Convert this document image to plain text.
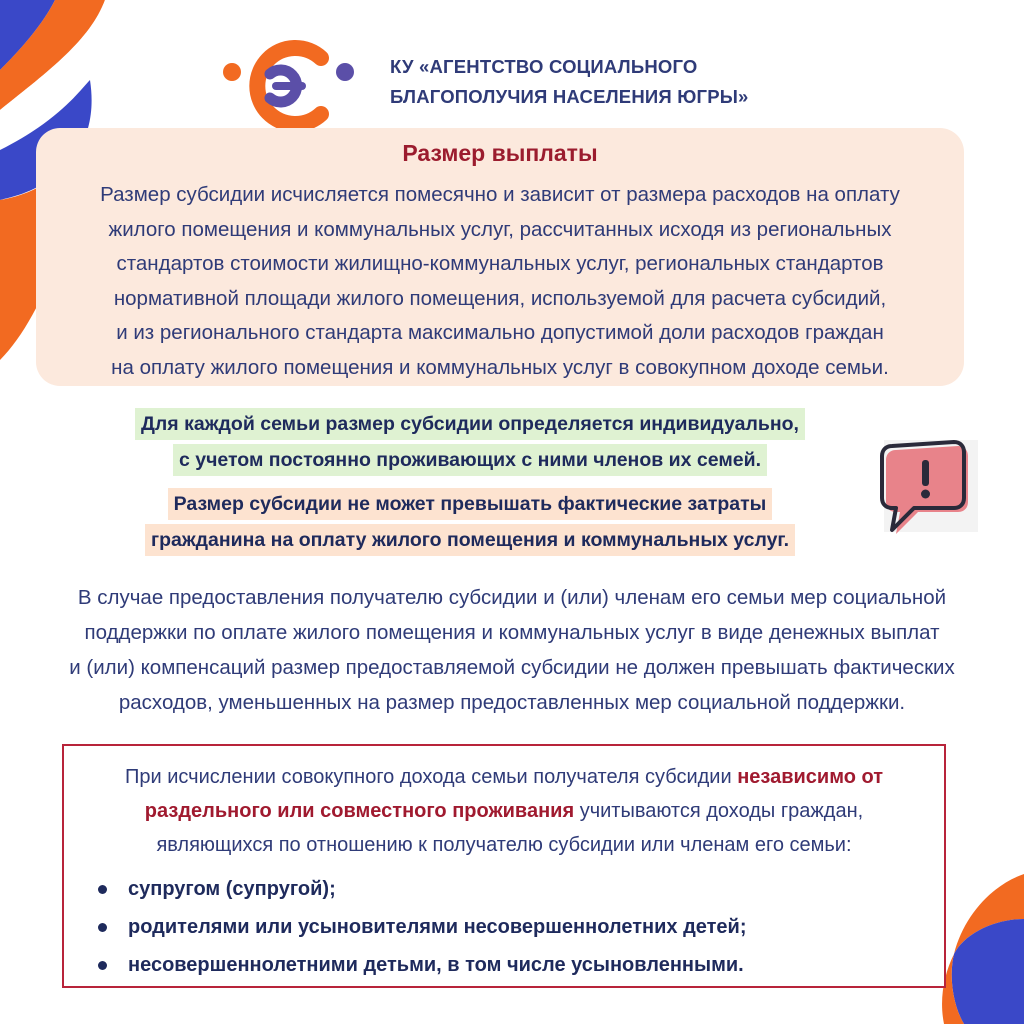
КУ «АГЕНТСТВО СОЦИАЛЬНОГО
БЛАГОПОЛУЧИЯ НАСЕЛЕНИЯ ЮГРЫ»
Размер выплаты
Размер субсидии исчисляется помесячно и зависит от размера расходов на оплату
жилого помещения и коммунальных услуг, рассчитанных исходя из региональных
стандартов стоимости жилищно-коммунальных услуг, региональных стандартов
нормативной площади жилого помещения, используемой для расчета субсидий,
и из регионального стандарта максимально допустимой доли расходов граждан
на оплату жилого помещения и коммунальных услуг в совокупном доходе семьи.
Для каждой семьи размер субсидии определяется индивидуально,
с учетом постоянно проживающих с ними членов их семей.
Размер субсидии не может превышать фактические затраты
гражданина на оплату жилого помещения и коммунальных услуг.
В случае предоставления получателю субсидии и (или) членам его семьи мер социальной
поддержки по оплате жилого помещения и коммунальных услуг в виде денежных выплат
и (или) компенсаций размер предоставляемой субсидии не должен превышать фактических
расходов, уменьшенных на размер предоставленных мер социальной поддержки.
При исчислении совокупного дохода семьи получателя субсидии независимо от раздельного или совместного проживания учитываются доходы граждан, являющихся по отношению к получателю субсидии или членам его семьи:
супругом (супругой);
родителями или усыновителями несовершеннолетних детей;
несовершеннолетними детьми, в том числе усыновленными.
